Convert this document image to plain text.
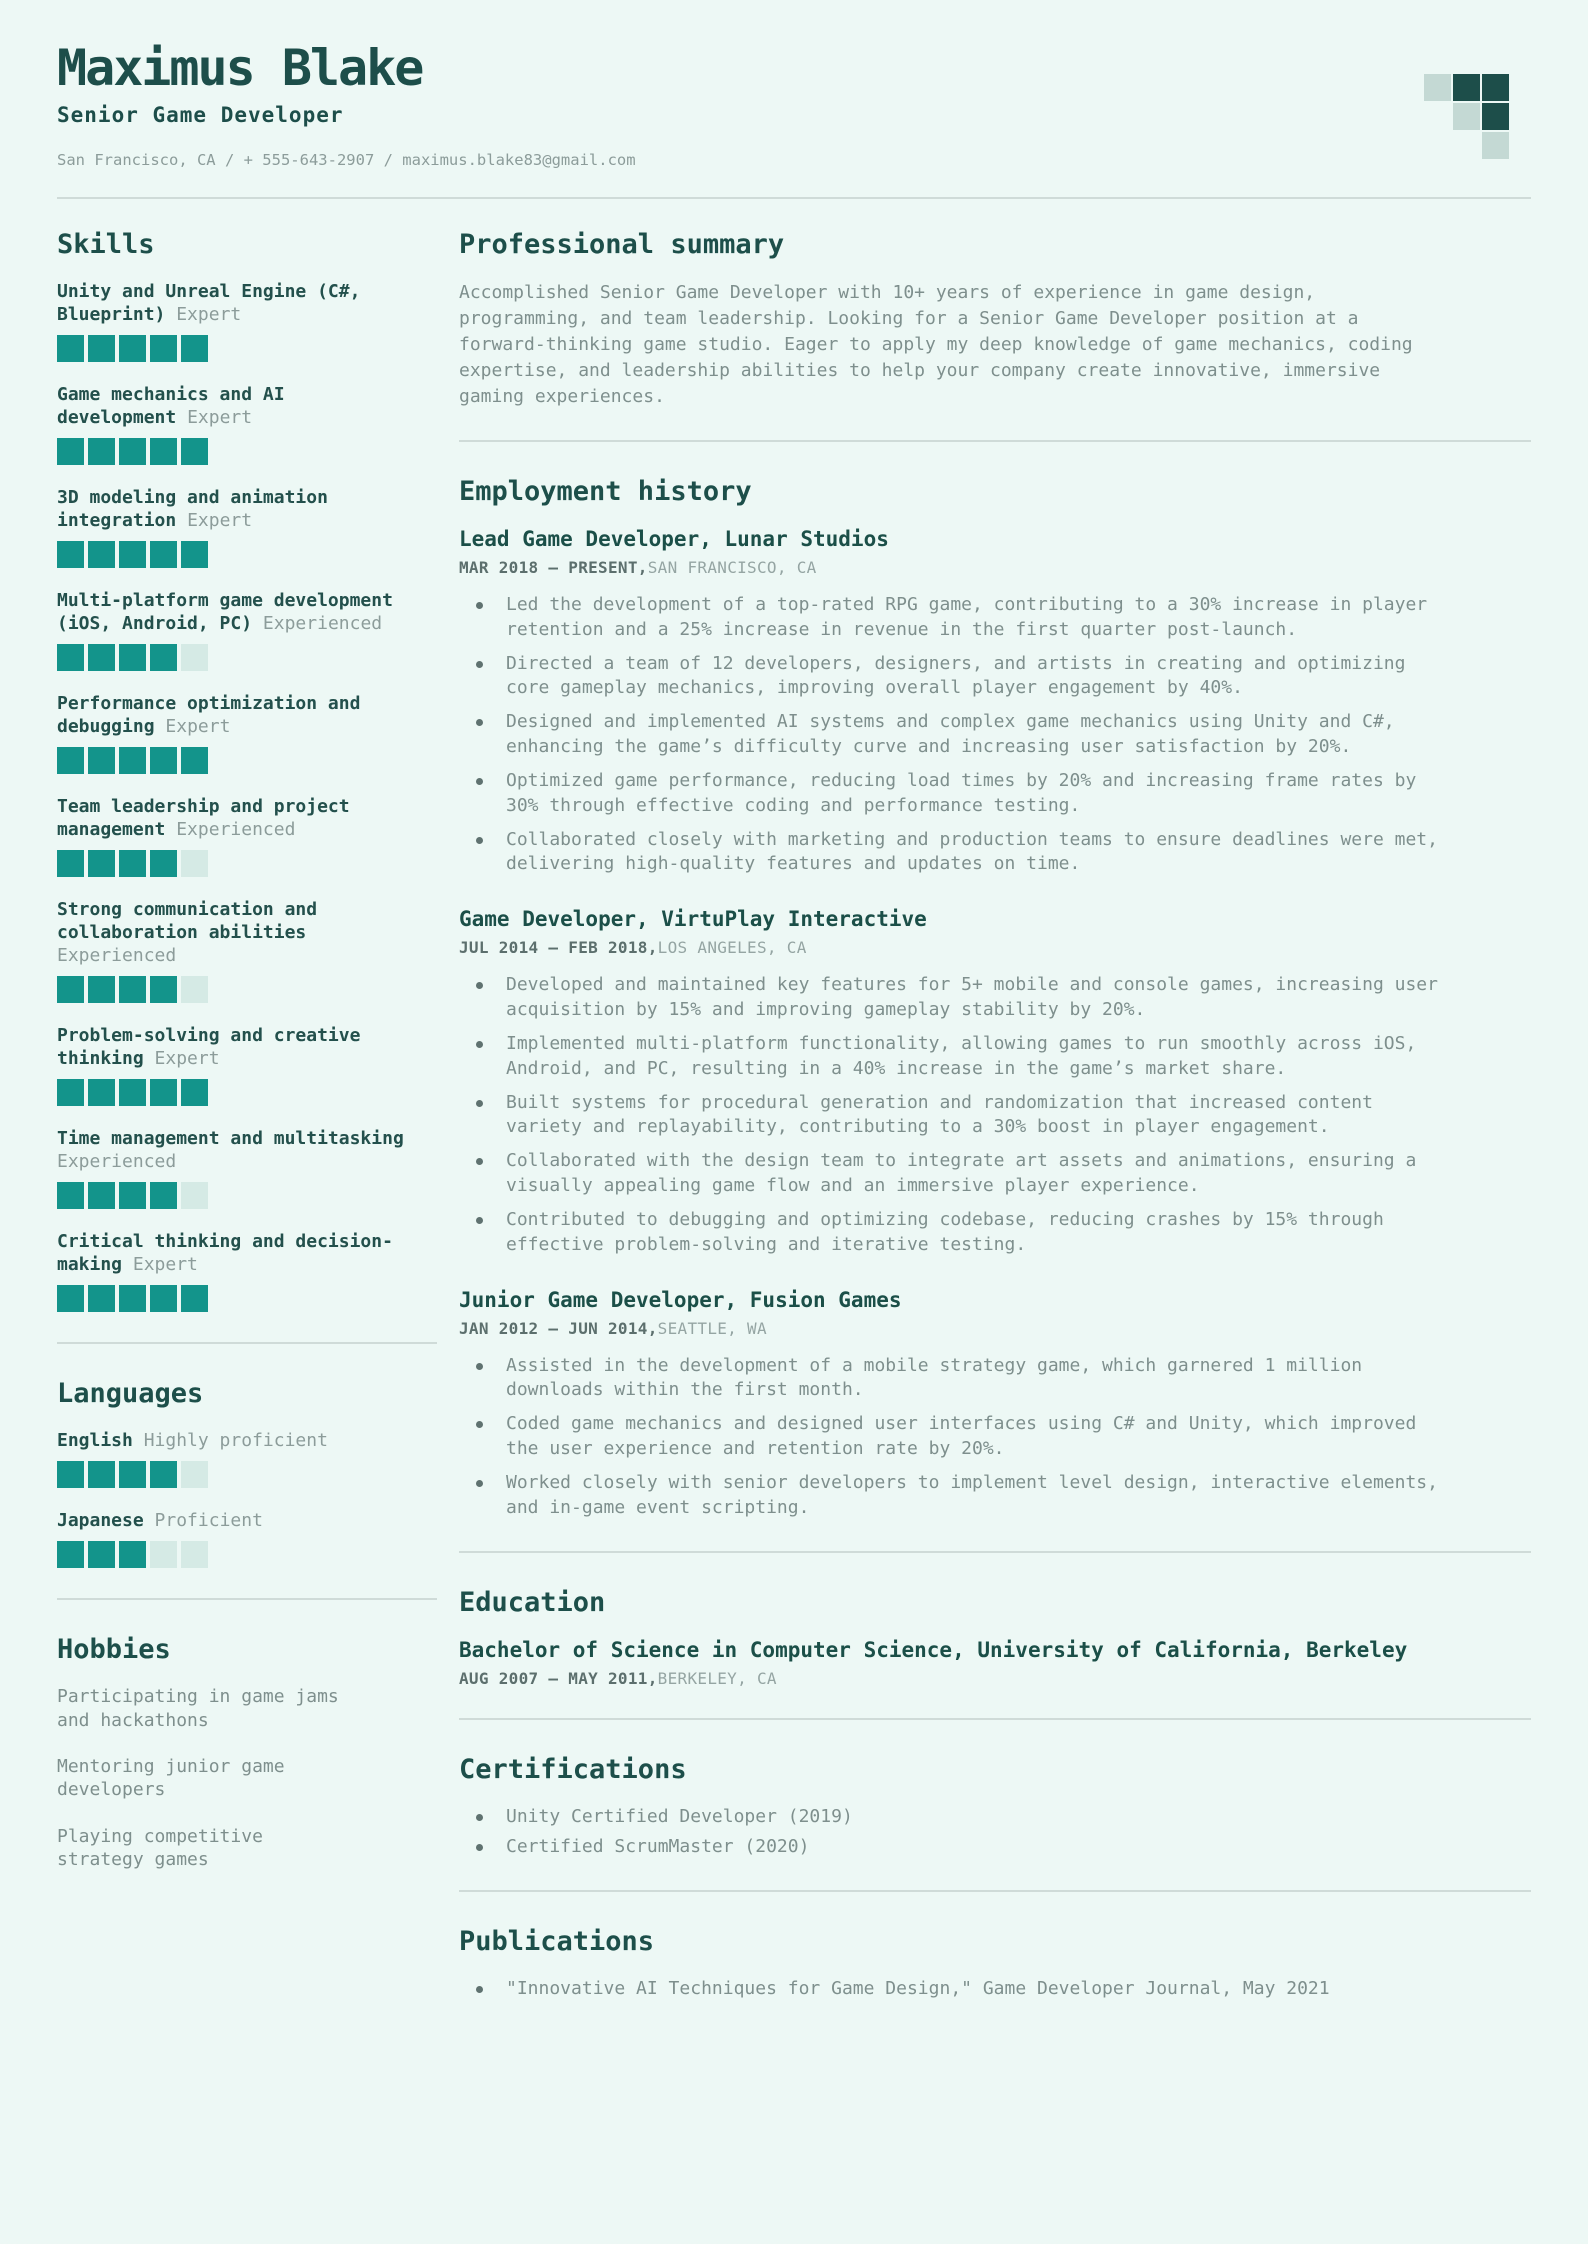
Maximus Blake
Senior Game Developer
San Francisco, CA / + 555-643-2907 / maximus.blake83@gmail.com
Skills
Unity and Unreal Engine (C#, Blueprint) Expert
Game mechanics and AI development Expert
3D modeling and animation integration Expert
Multi-platform game development (iOS, Android, PC) Experienced
Performance optimization and debugging Expert
Team leadership and project management Experienced
Strong communication and collaboration abilities Experienced
Problem-solving and creative thinking Expert
Time management and multitasking Experienced
Critical thinking and decision-making Expert
Languages
English Highly proficient
Japanese Proficient
Hobbies
Participating in game jams and hackathons
Mentoring junior game developers
Playing competitive strategy games
Professional summary

Accomplished Senior Game Developer with 10+ years of experience in game design, programming, and team leadership. Looking for a Senior Game Developer position at a forward-thinking game studio. Eager to apply my deep knowledge of game mechanics, coding expertise, and leadership abilities to help your company create innovative, immersive gaming experiences.

Employment history
Lead Game Developer, Lunar Studios
MAR 2018 – PRESENT,SAN FRANCISCO, CA
Led the development of a top-rated RPG game, contributing to a 30% increase in player retention and a 25% increase in revenue in the first quarter post-launch.
Directed a team of 12 developers, designers, and artists in creating and optimizing core gameplay mechanics, improving overall player engagement by 40%.
Designed and implemented AI systems and complex game mechanics using Unity and C#, enhancing the game’s difficulty curve and increasing user satisfaction by 20%.
Optimized game performance, reducing load times by 20% and increasing frame rates by 30% through effective coding and performance testing.
Collaborated closely with marketing and production teams to ensure deadlines were met, delivering high-quality features and updates on time.
Game Developer, VirtuPlay Interactive
JUL 2014 – FEB 2018,LOS ANGELES, CA
Developed and maintained key features for 5+ mobile and console games, increasing user acquisition by 15% and improving gameplay stability by 20%.
Implemented multi-platform functionality, allowing games to run smoothly across iOS, Android, and PC, resulting in a 40% increase in the game’s market share.
Built systems for procedural generation and randomization that increased content variety and replayability, contributing to a 30% boost in player engagement.
Collaborated with the design team to integrate art assets and animations, ensuring a visually appealing game flow and an immersive player experience.
Contributed to debugging and optimizing codebase, reducing crashes by 15% through effective problem-solving and iterative testing.
Junior Game Developer, Fusion Games
JAN 2012 – JUN 2014,SEATTLE, WA
Assisted in the development of a mobile strategy game, which garnered 1 million downloads within the first month.
Coded game mechanics and designed user interfaces using C# and Unity, which improved the user experience and retention rate by 20%.
Worked closely with senior developers to implement level design, interactive elements, and in-game event scripting.
Education
Bachelor of Science in Computer Science, University of California, Berkeley
AUG 2007 – MAY 2011,BERKELEY, CA
Certifications
Unity Certified Developer (2019)
Certified ScrumMaster (2020)
Publications
"Innovative AI Techniques for Game Design," Game Developer Journal, May 2021
